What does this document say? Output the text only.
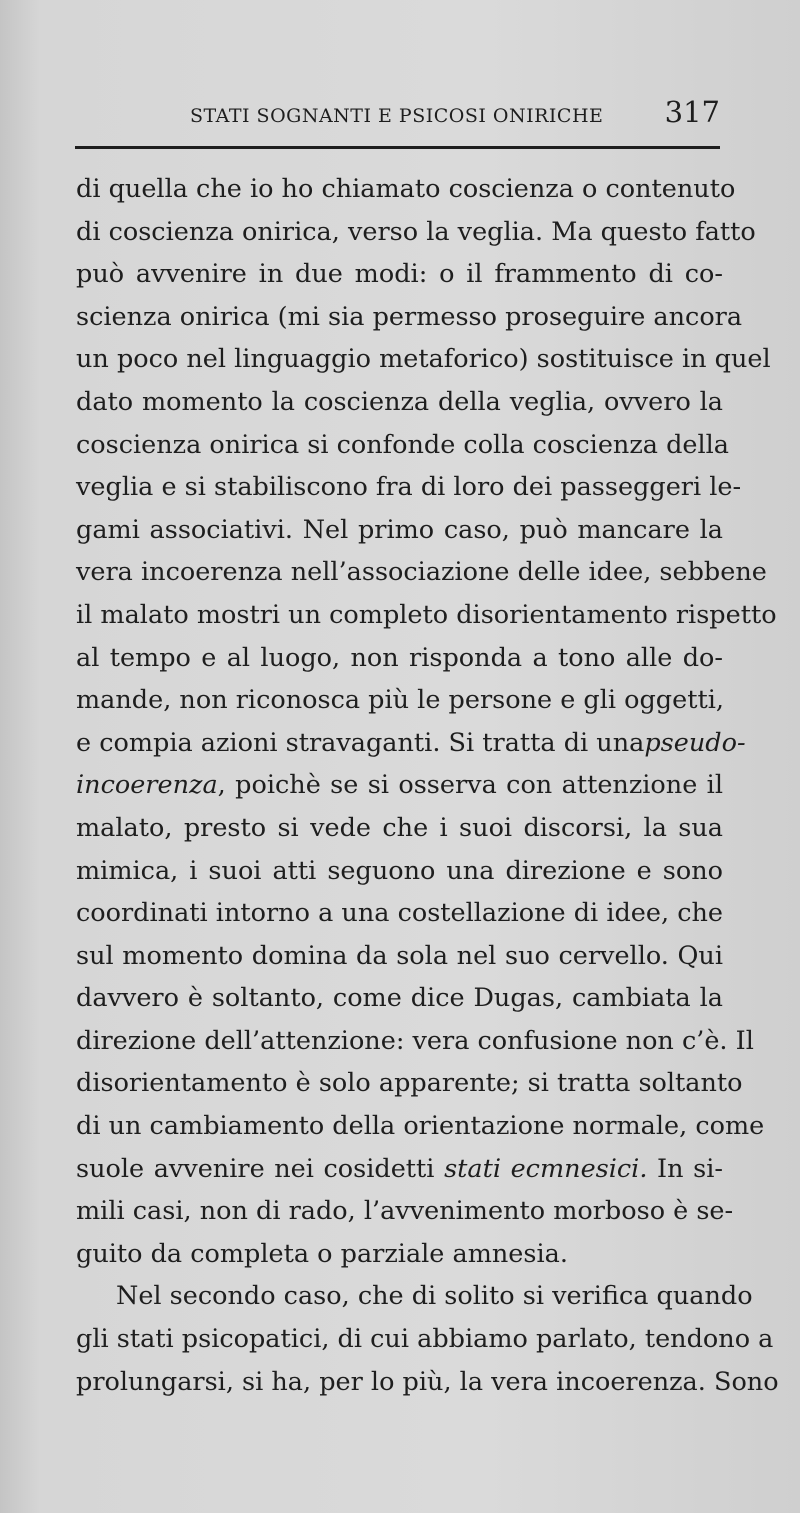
STATI SOGNANTI E PSICOSI ONIRICHE 317
di quella che io ho chiamato coscienza o contenuto
di coscienza onirica, verso la veglia. Ma questo fatto
può avvenire in due modi: o il frammento di co-
scienza onirica (mi sia permesso proseguire ancora
un poco nel linguaggio metaforico) sostituisce in quel
dato momento la coscienza della veglia, ovvero la
coscienza onirica si confonde colla coscienza della
veglia e si stabiliscono fra di loro dei passeggeri le-
gami associativi. Nel primo caso, può mancare la
vera incoerenza nell’associazione delle idee, sebbene
il malato mostri un completo disorientamento rispetto
al tempo e al luogo, non risponda a tono alle do-
mande, non riconosca più le persone e gli oggetti,
e compia azioni stravaganti. Si tratta di unapseudo-
incoerenza, poichè se si osserva con attenzione il
malato, presto si vede che i suoi discorsi, la sua
mimica, i suoi atti seguono una direzione e sono
coordinati intorno a una costellazione di idee, che
sul momento domina da sola nel suo cervello. Qui
davvero è soltanto, come dice Dugas, cambiata la
direzione dell’attenzione: vera confusione non c’è. Il
disorientamento è solo apparente; si tratta soltanto
di un cambiamento della orientazione normale, come
suole avvenire nei cosidetti stati ecmnesici. In si-
mili casi, non di rado, l’avvenimento morboso è se-
guito da completa o parziale amnesia.
Nel secondo caso, che di solito si verifica quando
gli stati psicopatici, di cui abbiamo parlato, tendono a
prolungarsi, si ha, per lo più, la vera incoerenza. Sono
